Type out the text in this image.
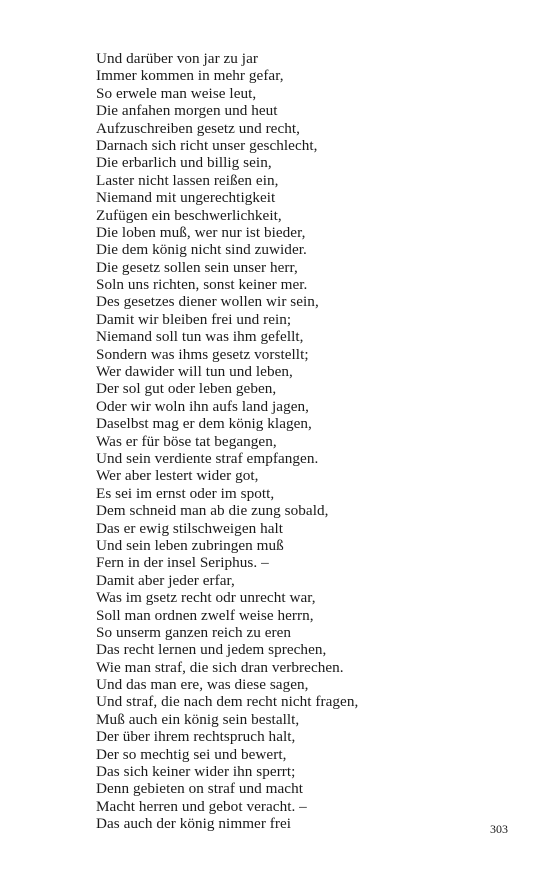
Und darüber von jar zu jar
Immer kommen in mehr gefar,
So erwele man weise leut,
Die anfahen morgen und heut
Aufzuschreiben gesetz und recht,
Darnach sich richt unser geschlecht,
Die erbarlich und billig sein,
Laster nicht lassen reißen ein,
Niemand mit ungerechtigkeit
Zufügen ein beschwerlichkeit,
Die loben muß, wer nur ist bieder,
Die dem könig nicht sind zuwider.
Die gesetz sollen sein unser herr,
Soln uns richten, sonst keiner mer.
Des gesetzes diener wollen wir sein,
Damit wir bleiben frei und rein;
Niemand soll tun was ihm gefellt,
Sondern was ihms gesetz vorstellt;
Wer dawider will tun und leben,
Der sol gut oder leben geben,
Oder wir woln ihn aufs land jagen,
Daselbst mag er dem könig klagen,
Was er für böse tat begangen,
Und sein verdiente straf empfangen.
Wer aber lestert wider got,
Es sei im ernst oder im spott,
Dem schneid man ab die zung sobald,
Das er ewig stilschweigen halt
Und sein leben zubringen muß
Fern in der insel Seriphus. –
Damit aber jeder erfar,
Was im gsetz recht odr unrecht war,
Soll man ordnen zwelf weise herrn,
So unserm ganzen reich zu eren
Das recht lernen und jedem sprechen,
Wie man straf, die sich dran verbrechen.
Und das man ere, was diese sagen,
Und straf, die nach dem recht nicht fragen,
Muß auch ein könig sein bestallt,
Der über ihrem rechtspruch halt,
Der so mechtig sei und bewert,
Das sich keiner wider ihn sperrt;
Denn gebieten on straf und macht
Macht herren und gebot veracht. –
Das auch der könig nimmer frei	303
